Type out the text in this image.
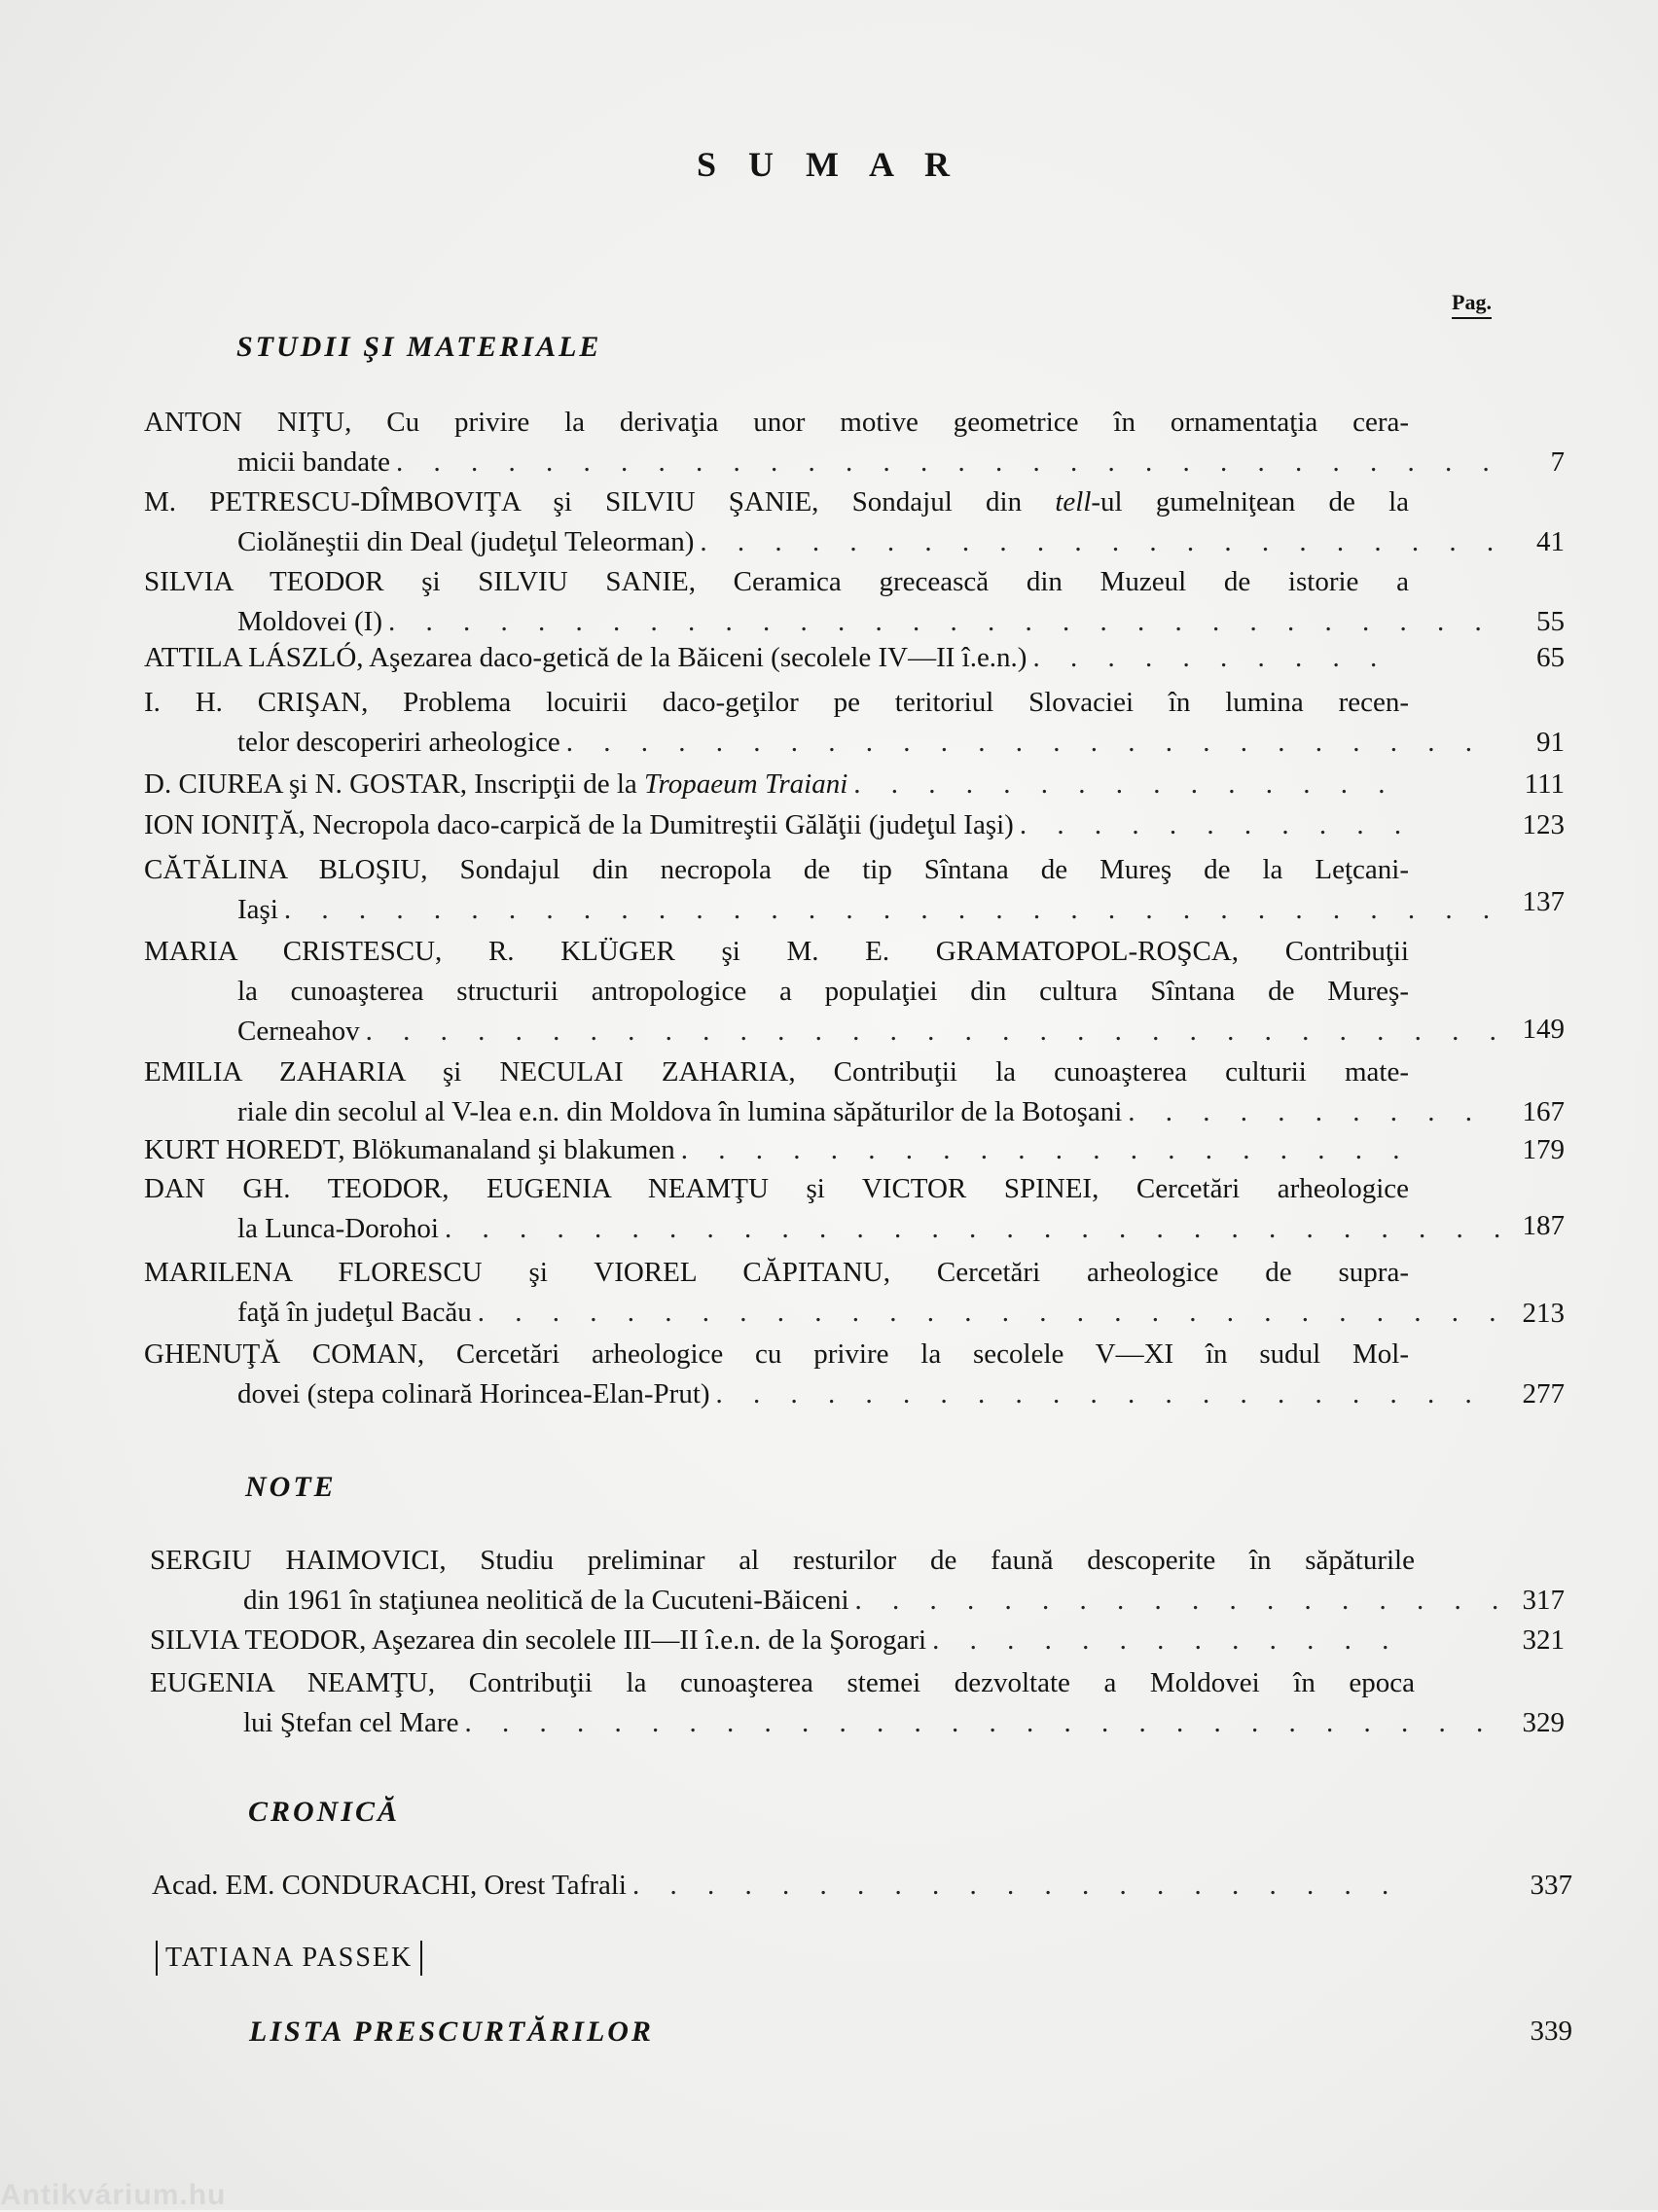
S U M A R
Pag.
STUDII ŞI MATERIALE
ANTON NIŢU, Cu privire la derivaţia unor motive geometrice în ornamentaţia cera-
micii bandate . . .	7
M. PETRESCU-DÎMBOVIŢA şi SILVIU ŞANIE, Sondajul din tell-ul gumelniţean de la
Ciolăneştii din Deal (judeţul Teleorman) . . .	41
SILVIA TEODOR şi SILVIU SANIE, Ceramica grecească din Muzeul de istorie a
Moldovei (I) . . .	55
ATTILA LÁSZLÓ, Aşezarea daco-getică de la Băiceni (secolele IV—II î.e.n.) . . .	65
I. H. CRIŞAN, Problema locuirii daco-geţilor pe teritoriul Slovaciei în lumina recen-
telor descoperiri arheologice . . .	91
D. CIUREA şi N. GOSTAR, Inscripţii de la Tropaeum Traiani . . .	111
ION IONIŢĂ, Necropola daco-carpică de la Dumitreştii Gălăţii (judeţul Iaşi) . . .	123
CĂTĂLINA BLOŞIU, Sondajul din necropola de tip Sîntana de Mureş de la Leţcani-
Iaşi . . .	137
MARIA CRISTESCU, R. KLÜGER şi M. E. GRAMATOPOL-ROŞCA, Contribuţii
la cunoaşterea structurii antropologice a populaţiei din cultura Sîntana de Mureş-
Cerneahov . . .	149
EMILIA ZAHARIA şi NECULAI ZAHARIA, Contribuţii la cunoaşterea culturii mate-
riale din secolul al V-lea e.n. din Moldova în lumina săpăturilor de la Botoşani . . .	167
KURT HOREDT, Blökumanaland şi blakumen . . .	179
DAN GH. TEODOR, EUGENIA NEAMŢU şi VICTOR SPINEI, Cercetări arheologice
la Lunca-Dorohoi . . .	187
MARILENA FLORESCU şi VIOREL CĂPITANU, Cercetări arheologice de supra-
faţă în judeţul Bacău . . .	213
GHENUŢĂ COMAN, Cercetări arheologice cu privire la secolele V—XI în sudul Mol-
dovei (stepa colinară Horincea-Elan-Prut) . . .	277
NOTE
SERGIU HAIMOVICI, Studiu preliminar al resturilor de faună descoperite în săpăturile
din 1961 în staţiunea neolitică de la Cucuteni-Băiceni . . .	317
SILVIA TEODOR, Aşezarea din secolele III—II î.e.n. de la Şorogari . . .	321
EUGENIA NEAMŢU, Contribuţii la cunoaşterea stemei dezvoltate a Moldovei în epoca
lui Ştefan cel Mare . . .	329
CRONICĂ
Acad. EM. CONDURACHI, Orest Tafrali . . .	337
TATIANA PASSEK
LISTA PRESCURTĂRILOR	339
Antikvárium.hu
